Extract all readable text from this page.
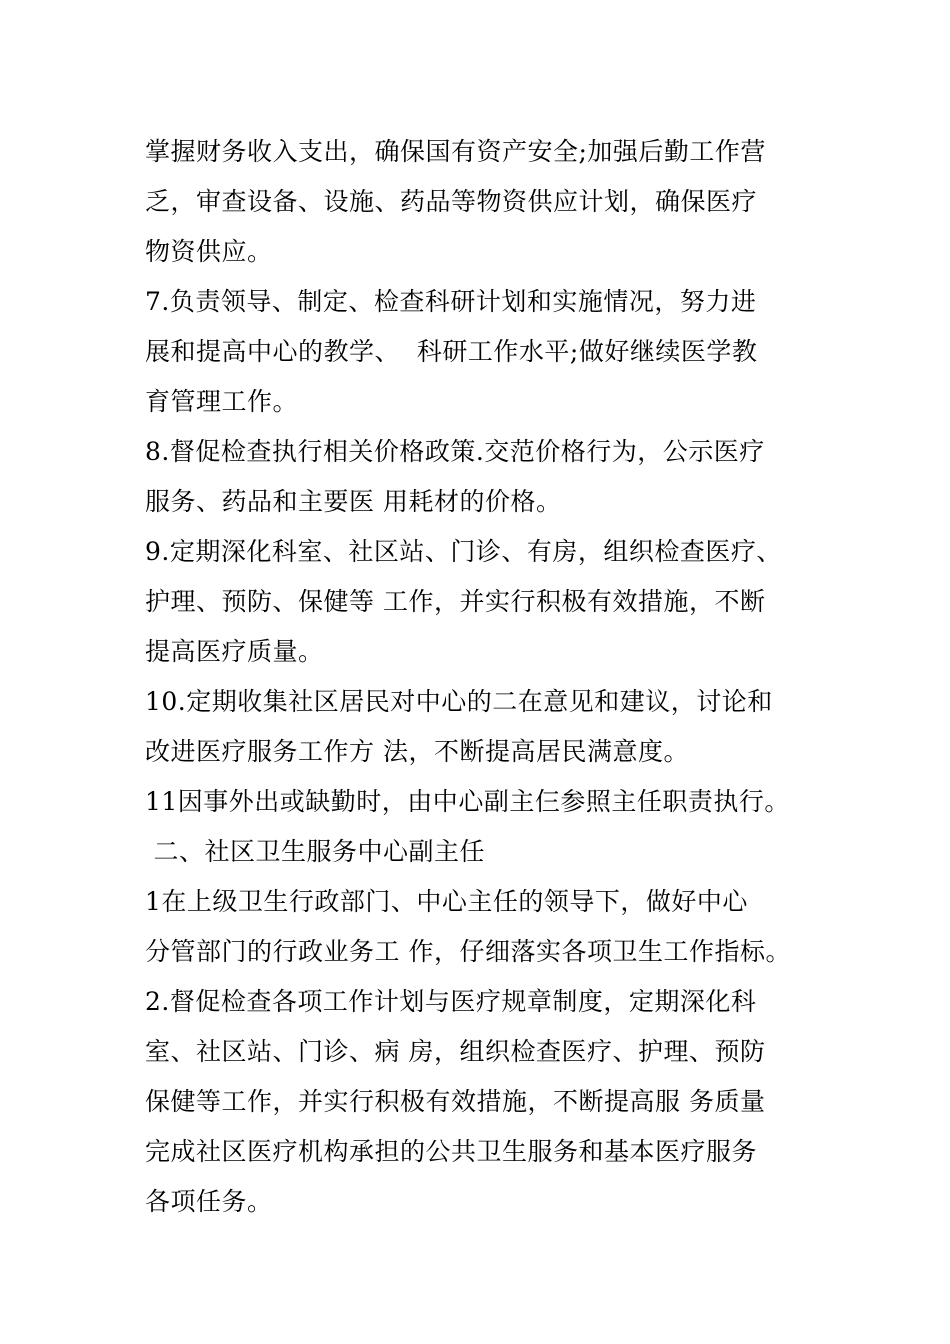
掌握财务收入支出，确保国有资产安全;加强后勤工作营
乏，审查设备、设施、药品等物资供应计划，确保医疗
物资供应。
7.负责领导、制定、检查科研计划和实施情况，努力进
展和提高中心的教学、  科研工作水平;做好继续医学教
育管理工作。
8.督促检查执行相关价格政策.交范价格行为，公示医疗
服务、药品和主要医 用耗材的价格。
9.定期深化科室、社区站、门诊、有房，组织检查医疗、
护理、预防、保健等 工作，并实行积极有效措施，不断
提高医疗质量。
10.定期收集社区居民对中心的二在意见和建议，讨论和
改进医疗服务工作方 法，不断提高居民满意度。
11因事外出或缺勤时，由中心副主仨参照主任职责执行。
二、社区卫生服务中心副主任
1在上级卫生行政部门、中心主任的领导下，做好中心
分管部门的行政业务工 作，仔细落实各项卫生工作指标。
2.督促检查各项工作计划与医疗规章制度，定期深化科
室、社区站、门诊、病 房，组织检查医疗、护理、预防
保健等工作，并实行积极有效措施，不断提高服 务质量
完成社区医疗机构承担的公共卫生服务和基本医疗服务
各项任务。
